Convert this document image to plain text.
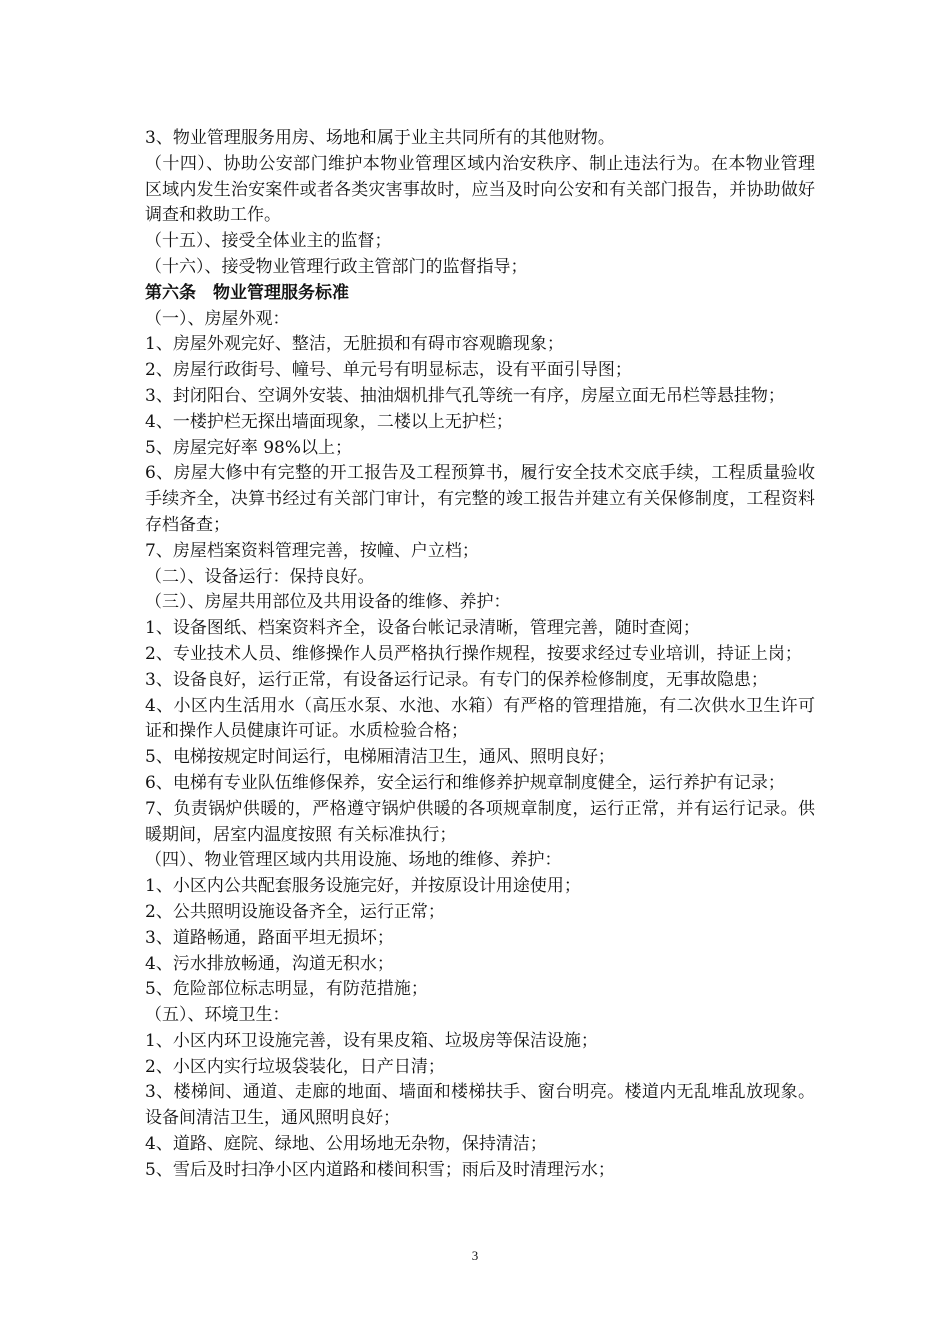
3、物业管理服务用房、场地和属于业主共同所有的其他财物。

（十四）、协助公安部门维护本物业管理区域内治安秩序、制止违法行为。在本物业管理区域内发生治安案件或者各类灾害事故时，应当及时向公安和有关部门报告，并协助做好调查和救助工作。

（十五）、接受全体业主的监督；

（十六）、接受物业管理行政主管部门的监督指导；

第六条　物业管理服务标准

（一）、房屋外观：

1、房屋外观完好、整洁，无脏损和有碍市容观瞻现象；

2、房屋行政街号、幢号、单元号有明显标志，设有平面引导图；

3、封闭阳台、空调外安装、抽油烟机排气孔等统一有序，房屋立面无吊栏等悬挂物；

4、一楼护栏无探出墙面现象，二楼以上无护栏；

5、房屋完好率 98%以上；

6、房屋大修中有完整的开工报告及工程预算书，履行安全技术交底手续，工程质量验收手续齐全，决算书经过有关部门审计，有完整的竣工报告并建立有关保修制度，工程资料存档备查；

7、房屋档案资料管理完善，按幢、户立档；

（二）、设备运行：保持良好。

（三）、房屋共用部位及共用设备的维修、养护：

1、设备图纸、档案资料齐全，设备台帐记录清晰，管理完善，随时查阅；

2、专业技术人员、维修操作人员严格执行操作规程，按要求经过专业培训，持证上岗；

3、设备良好，运行正常，有设备运行记录。有专门的保养检修制度，无事故隐患；

4、小区内生活用水（高压水泵、水池、水箱）有严格的管理措施，有二次供水卫生许可证和操作人员健康许可证。水质检验合格；

5、电梯按规定时间运行，电梯厢清洁卫生，通风、照明良好；

6、电梯有专业队伍维修保养，安全运行和维修养护规章制度健全，运行养护有记录；

7、负责锅炉供暖的，严格遵守锅炉供暖的各项规章制度，运行正常，并有运行记录。供暖期间，居室内温度按照 有关标准执行；

（四）、物业管理区域内共用设施、场地的维修、养护：

1、小区内公共配套服务设施完好，并按原设计用途使用；

2、公共照明设施设备齐全，运行正常；

3、道路畅通，路面平坦无损坏；

4、污水排放畅通，沟道无积水；

5、危险部位标志明显，有防范措施；

（五）、环境卫生：

1、小区内环卫设施完善，设有果皮箱、垃圾房等保洁设施；

2、小区内实行垃圾袋装化，日产日清；

3、楼梯间、通道、走廊的地面、墙面和楼梯扶手、窗台明亮。楼道内无乱堆乱放现象。设备间清洁卫生，通风照明良好；

4、道路、庭院、绿地、公用场地无杂物，保持清洁；

5、雪后及时扫净小区内道路和楼间积雪；雨后及时清理污水；

3
